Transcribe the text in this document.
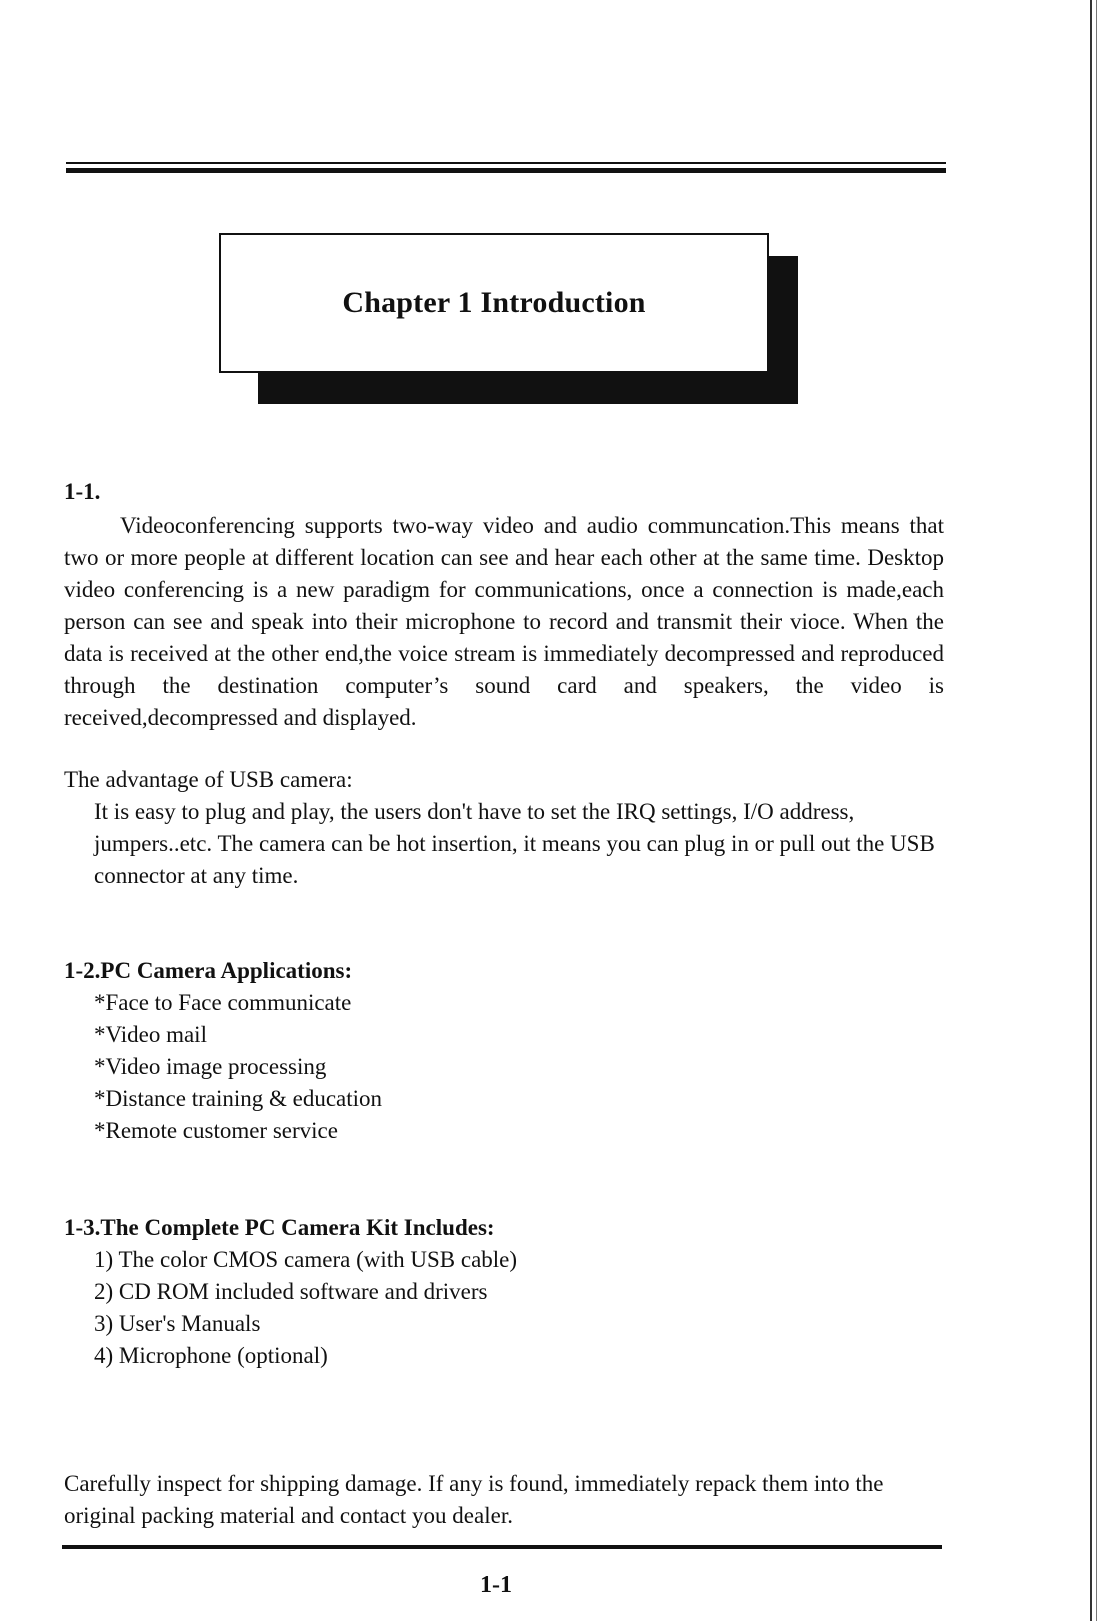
Chapter 1 Introduction

1-1.

Videoconferencing supports two-way video and audio communcation.This means that two or more people at different location can see and hear each other at the same time. Desktop video conferencing is a new paradigm for communications, once a connection is made,each person can see and speak into their microphone to record and transmit their vioce. When the data is received at the other end,the voice stream is immediately decompressed and reproduced through the destination computer’s sound card and speakers, the video is received,decompressed and displayed.

The advantage of USB camera:

It is easy to plug and play, the users don't have to set the IRQ settings, I/O address, jumpers..etc. The camera can be hot insertion, it means you can plug in or pull out the USB connector at any time.

1-2.PC Camera Applications:

*Face to Face communicate

*Video mail

*Video image processing

*Distance training & education

*Remote customer service

1-3.The Complete PC Camera Kit Includes:

1) The color CMOS camera (with USB cable)

2) CD ROM included software and drivers

3) User's Manuals

4) Microphone (optional)

Carefully inspect for shipping damage. If any is found, immediately repack them into the original packing material and contact you dealer.

1-1
